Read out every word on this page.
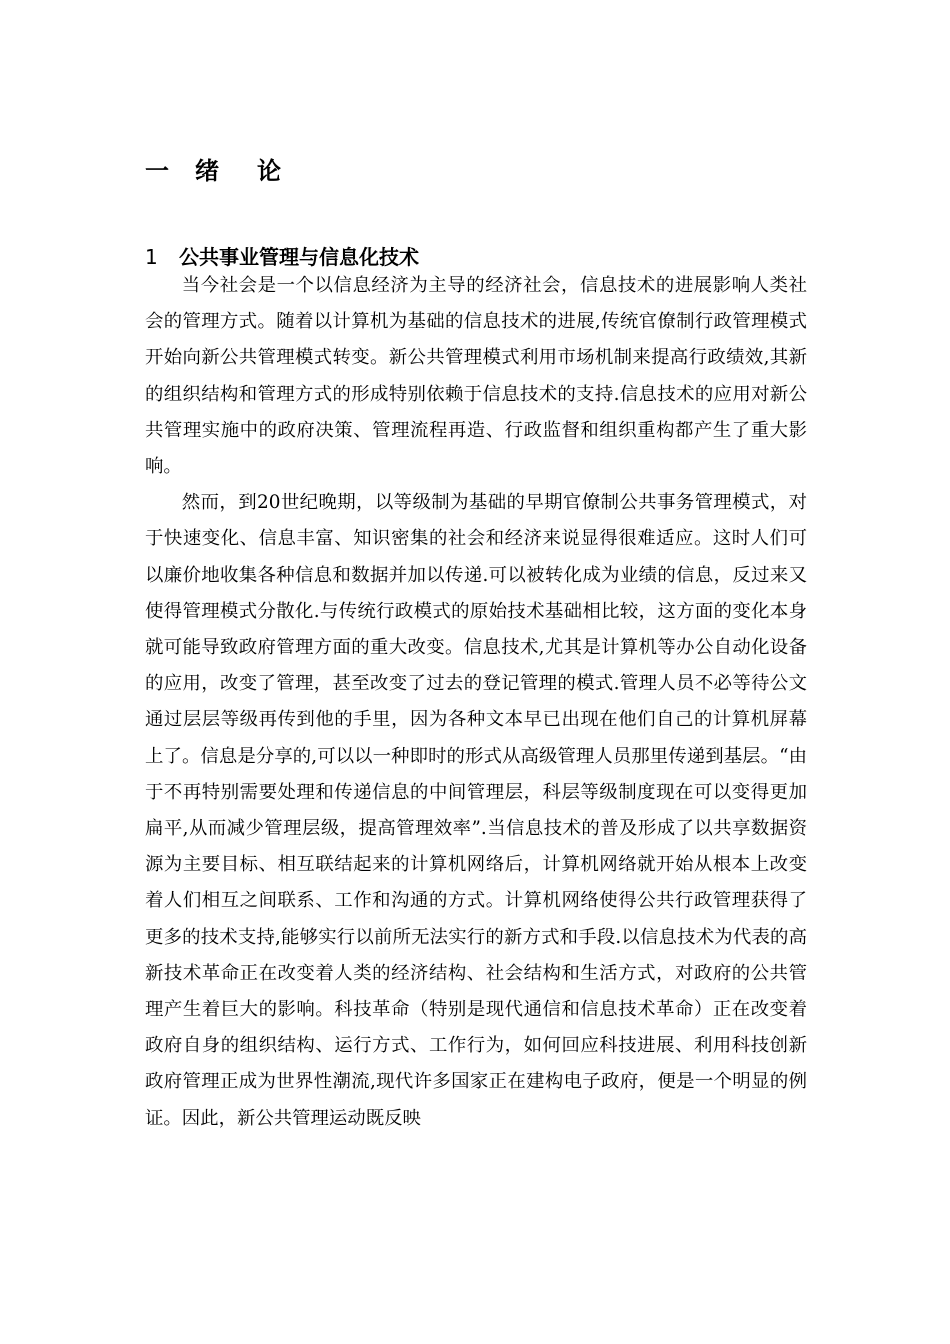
一 绪 论
1 公共事业管理与信息化技术

当今社会是一个以信息经济为主导的经济社会，信息技术的进展影响人类社会的管理方式。随着以计算机为基础的信息技术的进展,传统官僚制行政管理模式开始向新公共管理模式转变。新公共管理模式利用市场机制来提高行政绩效,其新的组织结构和管理方式的形成特别依赖于信息技术的支持.信息技术的应用对新公共管理实施中的政府决策、管理流程再造、行政监督和组织重构都产生了重大影响。

然而，到20世纪晚期，以等级制为基础的早期官僚制公共事务管理模式，对于快速变化、信息丰富、知识密集的社会和经济来说显得很难适应。这时人们可以廉价地收集各种信息和数据并加以传递.可以被转化成为业绩的信息，反过来又使得管理模式分散化.与传统行政模式的原始技术基础相比较，这方面的变化本身就可能导致政府管理方面的重大改变。信息技术,尤其是计算机等办公自动化设备的应用，改变了管理，甚至改变了过去的登记管理的模式.管理人员不必等待公文通过层层等级再传到他的手里，因为各种文本早已出现在他们自己的计算机屏幕上了。信息是分享的,可以以一种即时的形式从高级管理人员那里传递到基层。“由于不再特别需要处理和传递信息的中间管理层，科层等级制度现在可以变得更加扁平,从而减少管理层级，提高管理效率”.当信息技术的普及形成了以共享数据资源为主要目标、相互联结起来的计算机网络后，计算机网络就开始从根本上改变着人们相互之间联系、工作和沟通的方式。计算机网络使得公共行政管理获得了更多的技术支持,能够实行以前所无法实行的新方式和手段.以信息技术为代表的高新技术革命正在改变着人类的经济结构、社会结构和生活方式，对政府的公共管理产生着巨大的影响。科技革命（特别是现代通信和信息技术革命）正在改变着政府自身的组织结构、运行方式、工作行为，如何回应科技进展、利用科技创新政府管理正成为世界性潮流,现代许多国家正在建构电子政府，便是一个明显的例证。因此，新公共管理运动既反映
